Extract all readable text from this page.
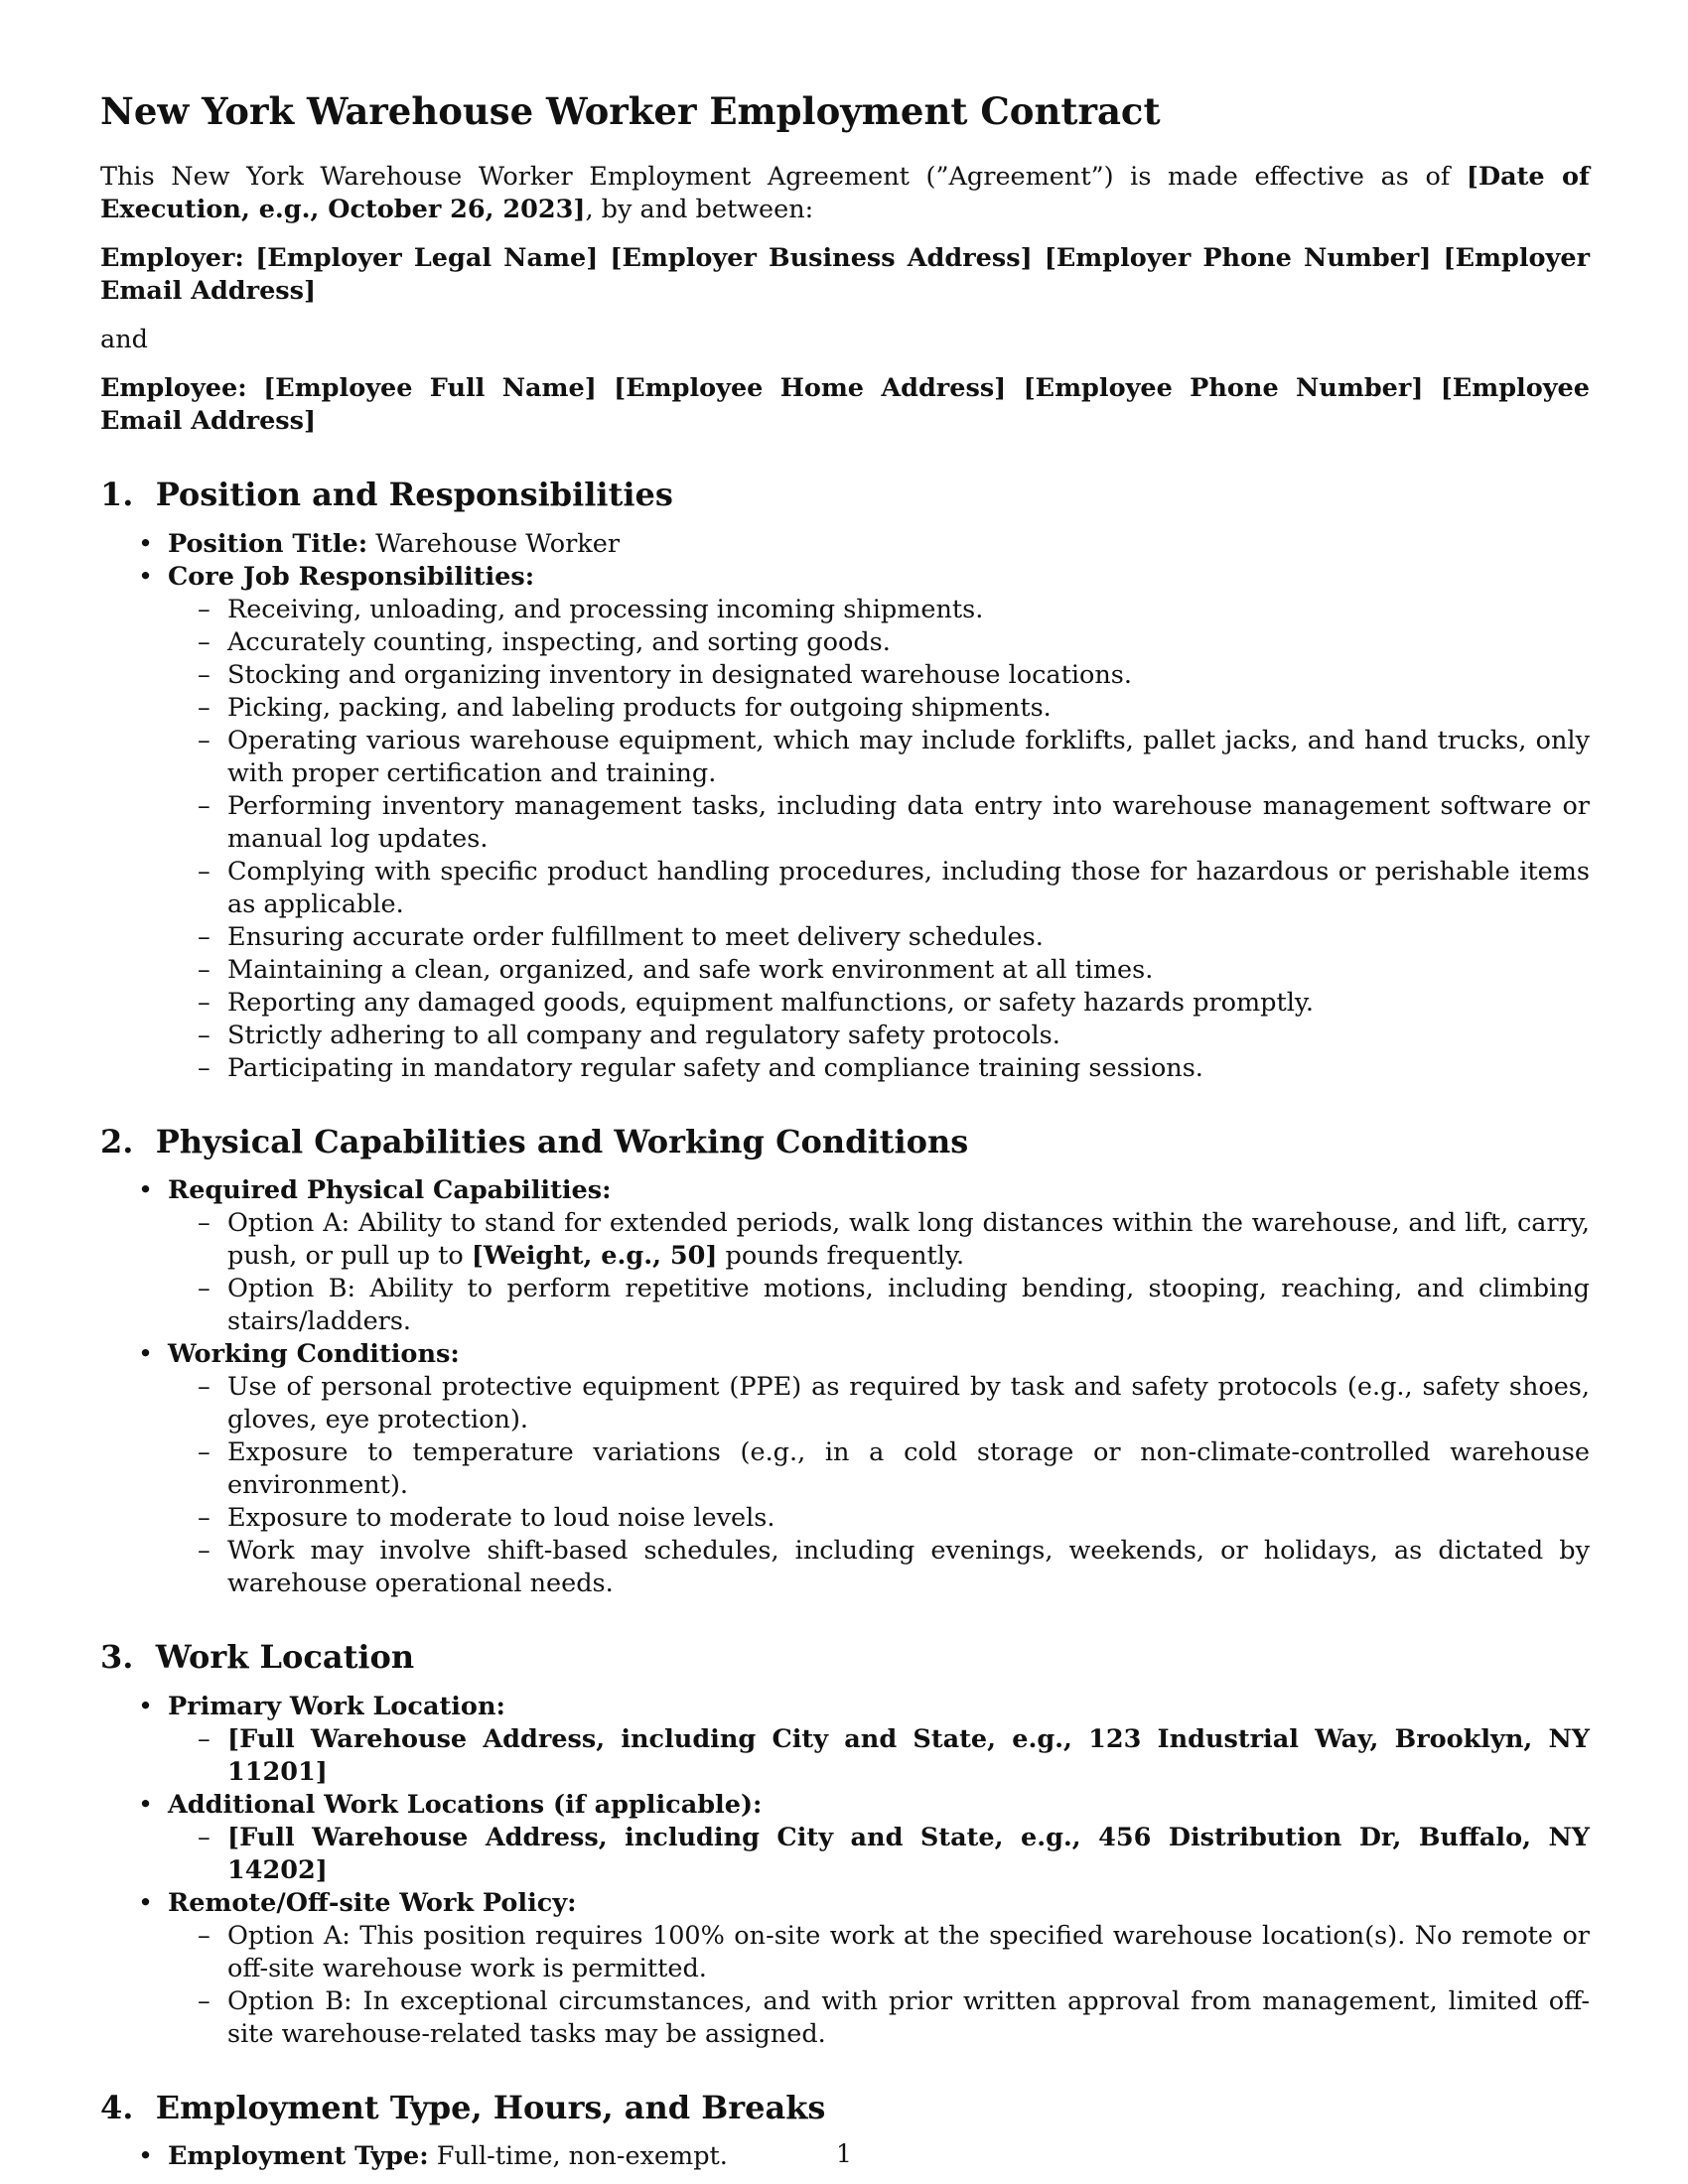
New York Warehouse Worker Employment Contract

This New York Warehouse Worker Employment Agreement (”Agreement”) is made effective as of [Date of Execution, e.g., October 26, 2023], by and between:

Employer: [Employer Legal Name] [Employer Business Address] [Employer Phone Number] [Employer Email Address]

and

Employee: [Employee Full Name] [Employee Home Address] [Employee Phone Number] [Employee Email Address]

1.  Position and Responsibilities
• Position Title: Warehouse Worker
• Core Job Responsibilities:
– Receiving, unloading, and processing incoming shipments.
– Accurately counting, inspecting, and sorting goods.
– Stocking and organizing inventory in designated warehouse locations.
– Picking, packing, and labeling products for outgoing shipments.
– Operating various warehouse equipment, which may include forklifts, pallet jacks, and hand trucks, only with proper certification and training.
– Performing inventory management tasks, including data entry into warehouse management software or manual log updates.
– Complying with specific product handling procedures, including those for hazardous or perishable items as applicable.
– Ensuring accurate order fulfillment to meet delivery schedules.
– Maintaining a clean, organized, and safe work environment at all times.
– Reporting any damaged goods, equipment malfunctions, or safety hazards promptly.
– Strictly adhering to all company and regulatory safety protocols.
– Participating in mandatory regular safety and compliance training sessions.
2.  Physical Capabilities and Working Conditions
• Required Physical Capabilities:
– Option A: Ability to stand for extended periods, walk long distances within the warehouse, and lift, carry, push, or pull up to [Weight, e.g., 50] pounds frequently.
– Option B: Ability to perform repetitive motions, including bending, stooping, reaching, and climbing stairs/ladders.
• Working Conditions:
– Use of personal protective equipment (PPE) as required by task and safety protocols (e.g., safety shoes, gloves, eye protection).
– Exposure to temperature variations (e.g., in a cold storage or non-climate-controlled warehouse environment).
– Exposure to moderate to loud noise levels.
– Work may involve shift-based schedules, including evenings, weekends, or holidays, as dictated by warehouse operational needs.
3.  Work Location
• Primary Work Location:
– [Full Warehouse Address, including City and State, e.g., 123 Industrial Way, Brooklyn, NY 11201]
• Additional Work Locations (if applicable):
– [Full Warehouse Address, including City and State, e.g., 456 Distribution Dr, Buffalo, NY 14202]
• Remote/Off-site Work Policy:
– Option A: This position requires 100% on-site work at the specified warehouse location(s). No remote or off-site warehouse work is permitted.
– Option B: In exceptional circumstances, and with prior written approval from management, limited off-site warehouse-related tasks may be assigned.
4.  Employment Type, Hours, and Breaks
• Employment Type: Full-time, non-exempt.	1
